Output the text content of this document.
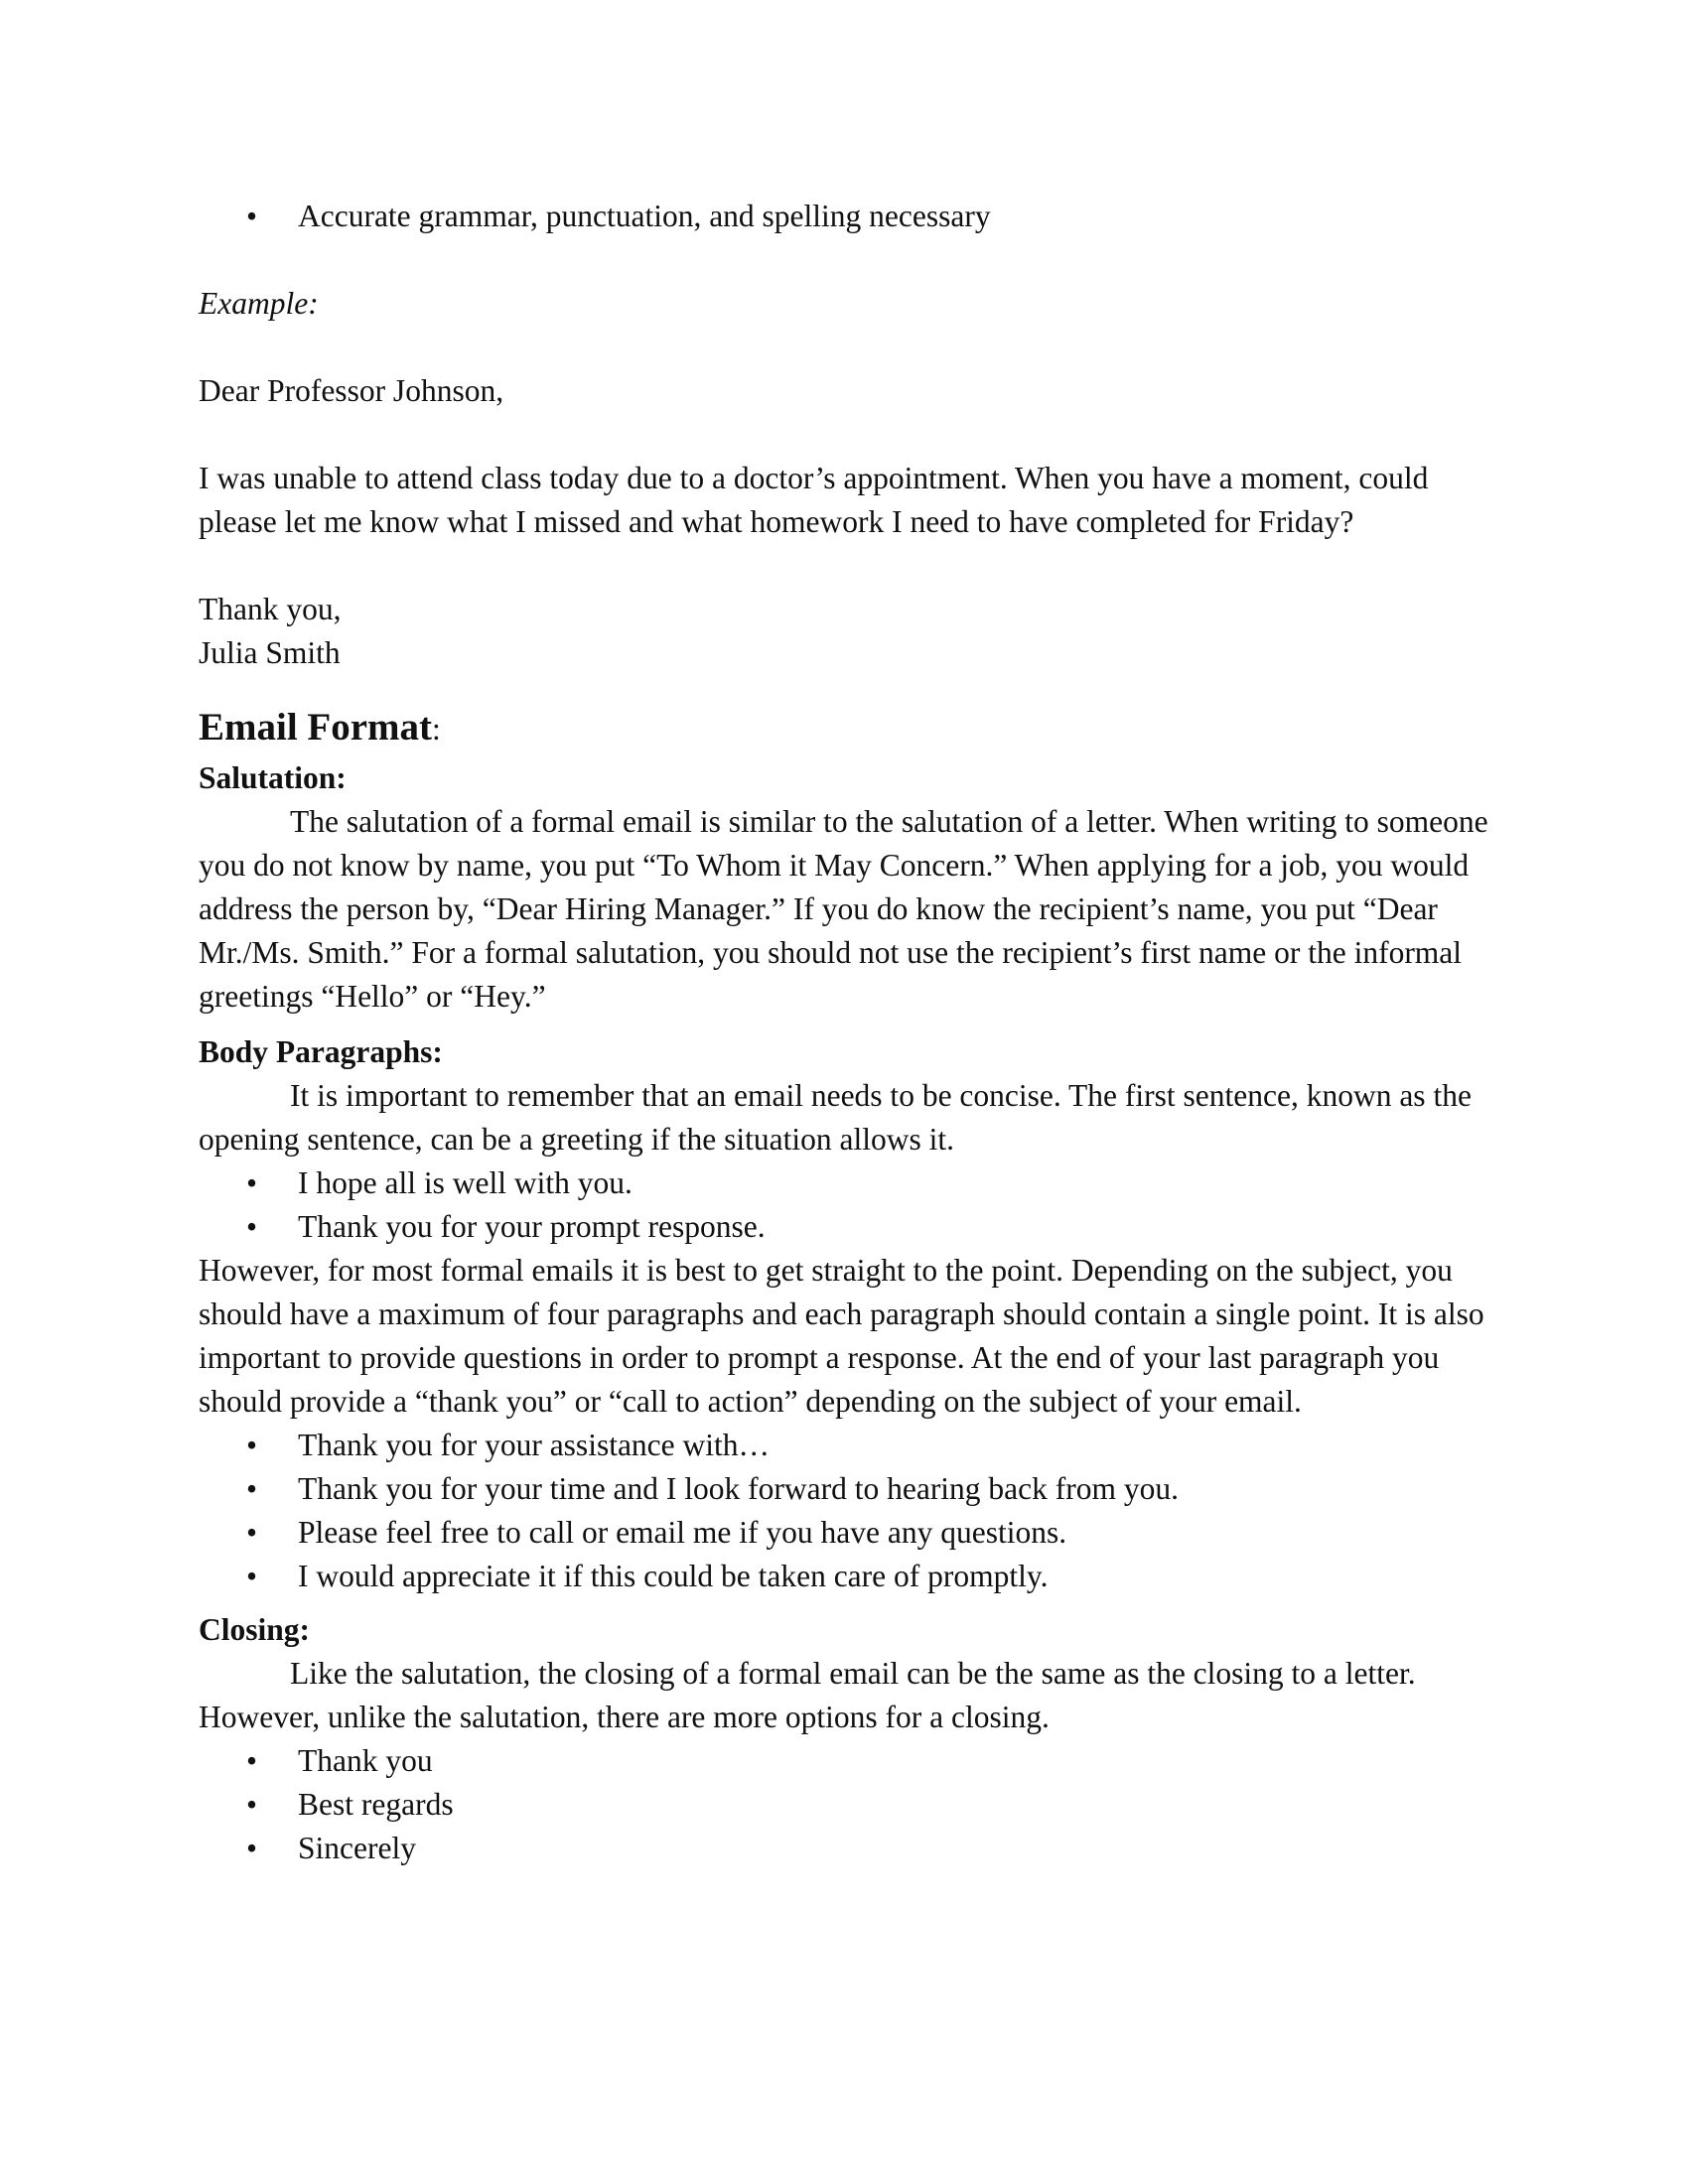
• Accurate grammar, punctuation, and spelling necessary

Example:

Dear Professor Johnson,

I was unable to attend class today due to a doctor’s appointment. When you have a moment, could please let me know what I missed and what homework I need to have completed for Friday?

Thank you,

Julia Smith

Email Format:

Salutation:

The salutation of a formal email is similar to the salutation of a letter. When writing to someone you do not know by name, you put “To Whom it May Concern.” When applying for a job, you would address the person by, “Dear Hiring Manager.” If you do know the recipient’s name, you put “Dear Mr./Ms. Smith.” For a formal salutation, you should not use the recipient’s first name or the informal greetings “Hello” or “Hey.”

Body Paragraphs:

It is important to remember that an email needs to be concise. The first sentence, known as the opening sentence, can be a greeting if the situation allows it.

• I hope all is well with you.
• Thank you for your prompt response.

However, for most formal emails it is best to get straight to the point. Depending on the subject, you should have a maximum of four paragraphs and each paragraph should contain a single point. It is also important to provide questions in order to prompt a response. At the end of your last paragraph you should provide a “thank you” or “call to action” depending on the subject of your email.

• Thank you for your assistance with…
• Thank you for your time and I look forward to hearing back from you.
• Please feel free to call or email me if you have any questions.
• I would appreciate it if this could be taken care of promptly.

Closing:

Like the salutation, the closing of a formal email can be the same as the closing to a letter. However, unlike the salutation, there are more options for a closing.

• Thank you
• Best regards
• Sincerely
